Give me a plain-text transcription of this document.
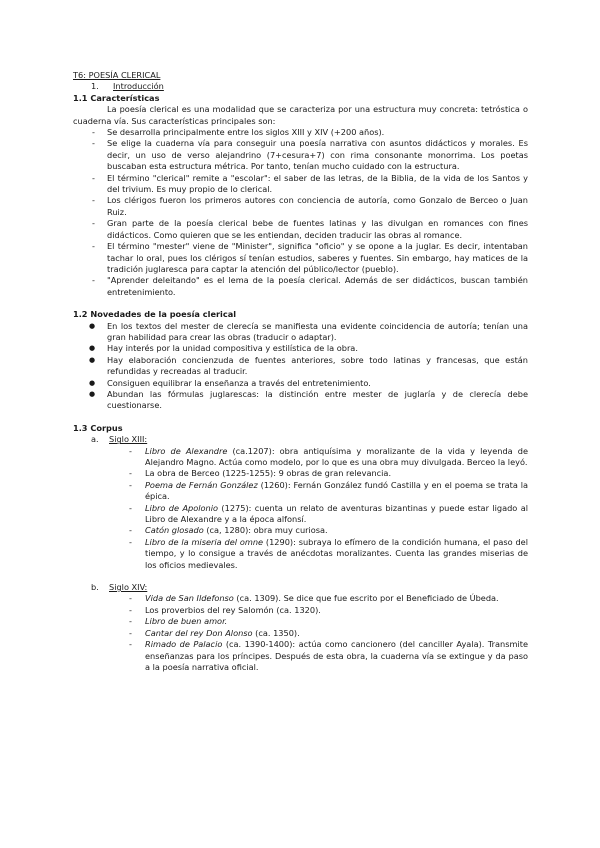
T6: POESÍA CLERICAL

1. Introducción

1.1 Características

La poesía clerical es una modalidad que se caracteriza por una estructura muy concreta: tetróstica o cuaderna vía. Sus características principales son:

- Se desarrolla principalmente entre los siglos XIII y XIV (+200 años).
- Se elige la cuaderna vía para conseguir una poesía narrativa con asuntos didácticos y morales. Es decir, un uso de verso alejandrino (7+cesura+7) con rima consonante monorrima. Los poetas buscaban esta estructura métrica. Por tanto, tenían mucho cuidado con la estructura.
- El término "clerical" remite a "escolar": el saber de las letras, de la Biblia, de la vida de los Santos y del trivium. Es muy propio de lo clerical.
- Los clérigos fueron los primeros autores con conciencia de autoría, como Gonzalo de Berceo o Juan Ruiz.
- Gran parte de la poesía clerical bebe de fuentes latinas y las divulgan en romances con fines didácticos. Como quieren que se les entiendan, deciden traducir las obras al romance.
- El término "mester" viene de "Minister", significa "oficio" y se opone a la juglar. Es decir, intentaban tachar lo oral, pues los clérigos sí tenían estudios, saberes y fuentes. Sin embargo, hay matices de la tradición juglaresca para captar la atención del público/lector (pueblo).
- "Aprender deleitando" es el lema de la poesía clerical. Además de ser didácticos, buscan también entretenimiento.

1.2 Novedades de la poesía clerical

● En los textos del mester de clerecía se manifiesta una evidente coincidencia de autoría; tenían una gran habilidad para crear las obras (traducir o adaptar).
● Hay interés por la unidad compositiva y estilística de la obra.
● Hay elaboración concienzuda de fuentes anteriores, sobre todo latinas y francesas, que están refundidas y recreadas al traducir.
● Consiguen equilibrar la enseñanza a través del entretenimiento.
● Abundan las fórmulas juglarescas: la distinción entre mester de juglaría y de clerecía debe cuestionarse.

1.3 Corpus

a. Siglo XIII:
- Libro de Alexandre (ca.1207): obra antiquísima y moralizante de la vida y leyenda de Alejandro Magno. Actúa como modelo, por lo que es una obra muy divulgada. Berceo la leyó.
- La obra de Berceo (1225-1255): 9 obras de gran relevancia.
- Poema de Fernán González (1260): Fernán González fundó Castilla y en el poema se trata la épica.
- Libro de Apolonio (1275): cuenta un relato de aventuras bizantinas y puede estar ligado al Libro de Alexandre y a la época alfonsí.
- Catón glosado (ca, 1280): obra muy curiosa.
- Libro de la miseria del omne (1290): subraya lo efímero de la condición humana, el paso del tiempo, y lo consigue a través de anécdotas moralizantes. Cuenta las grandes miserias de los oficios medievales.
b. Siglo XIV:
- Vida de San Ildefonso (ca. 1309). Se dice que fue escrito por el Beneficiado de Úbeda.
- Los proverbios del rey Salomón (ca. 1320).
- Libro de buen amor.
- Cantar del rey Don Alonso (ca. 1350).
- Rimado de Palacio (ca. 1390-1400): actúa como cancionero (del canciller Ayala). Transmite enseñanzas para los príncipes. Después de esta obra, la cuaderna vía se extingue y da paso a la poesía narrativa oficial.
